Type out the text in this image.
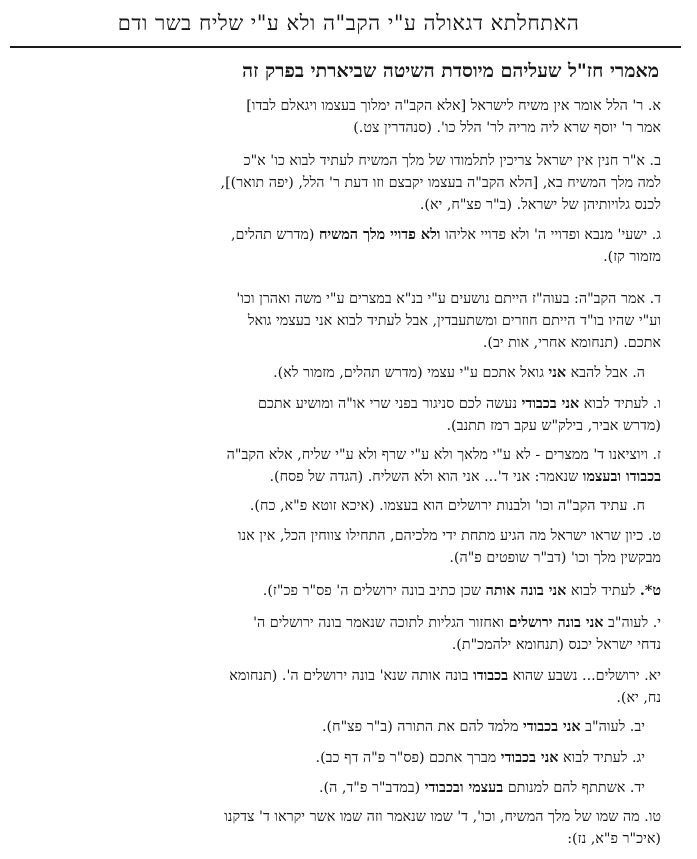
האתחלתא דגאולה ע"י הקב"ה ולא ע"י שליח בשר ודם
מאמרי חז"ל שעליהם מיוסדת השיטה שביארתי בפרק זה
א. ר' הלל אומר אין משיח לישראל [אלא הקב"ה ימלוך בעצמו ויגאלם לבדו]
אמר ר' יוסף שרא ליה מריה לר' הלל כו'. (סנהדרין צט.)
ב. א"ר חנין אין ישראל צריכין לתלמודו של מלך המשיח לעתיד לבוא כו' א"כ
למה מלך המשיח בא, [הלא הקב"ה בעצמו יקבצם וזו דעת ר' הלל, (יפה תואר)],
לכנס גלויותיהן של ישראל. (ב"ר פצ"ח, יא).
ג. ישעי' מנבא ופדויי ה' ולא פדויי אליהו ולא פדויי מלך המשיח (מדרש תהלים,
מזמור קז).
ד. אמר הקב"ה: בעוה"ז הייתם נושעים ע"י בנ"א במצרים ע"י משה ואהרן וכו'
וע"י שהיו בו"ד הייתם חוזרים ומשתעבדין, אבל לעתיד לבוא אני בעצמי גואל
אתכם. (תנחומא אחרי, אות יב).
ה. אבל להבא אני גואל אתכם ע"י עצמי (מדרש תהלים, מזמור לא).
ו. לעתיד לבוא אני בכבודי נעשה לכם סניגור בפני שרי או"ה ומושיע אתכם
(מדרש אביר, בילק"ש עקב רמז תתנב).
ז. ויוציאנו ד' ממצרים - לא ע"י מלאך ולא ע"י שרף ולא ע"י שליח, אלא הקב"ה
בכבודו ובעצמו שנאמר: אני ד'... אני הוא ולא השליח. (הגדה של פסח).
ח. עתיד הקב"ה וכו' ולבנות ירושלים הוא בעצמו. (איכא זוטא פ"א, כח).
ט. כיון שראו ישראל מה הגיע מתחת ידי מלכיהם, התחילו צווחין הכל, אין אנו
מבקשין מלך וכו' (דב"ר שופטים פ"ה).
ט*. לעתיד לבוא אני בונה אותה שכן כתיב בונה ירושלים ה' פס"ר פכ"ז).
י. לעוה"ב אני בונה ירושלים ואחזור הגליות לתוכה שנאמר בונה ירושלים ה'
נדחי ישראל יכנס (תנחומא ילהמכ"ת).
יא. ירושלים... נשבע שהוא בכבודו בונה אותה שנא' בונה ירושלים ה'. (תנחומא
נח, יא).
יב. לעוה"ב אני בכבודי מלמד להם את התורה (ב"ר פצ"ח).
יג. לעתיד לבוא אני בכבודי מברך אתכם (פס"ר פ"ה דף כב).
יד. אשתתף להם למנותם בעצמי ובכבודי (במדב"ר פ"ד, ה).
טו. מה שמו של מלך המשיח, וכו', ד' שמו שנאמר וזה שמו אשר יקראו ד' צדקנו
(איכ"ר פ"א, נז):
